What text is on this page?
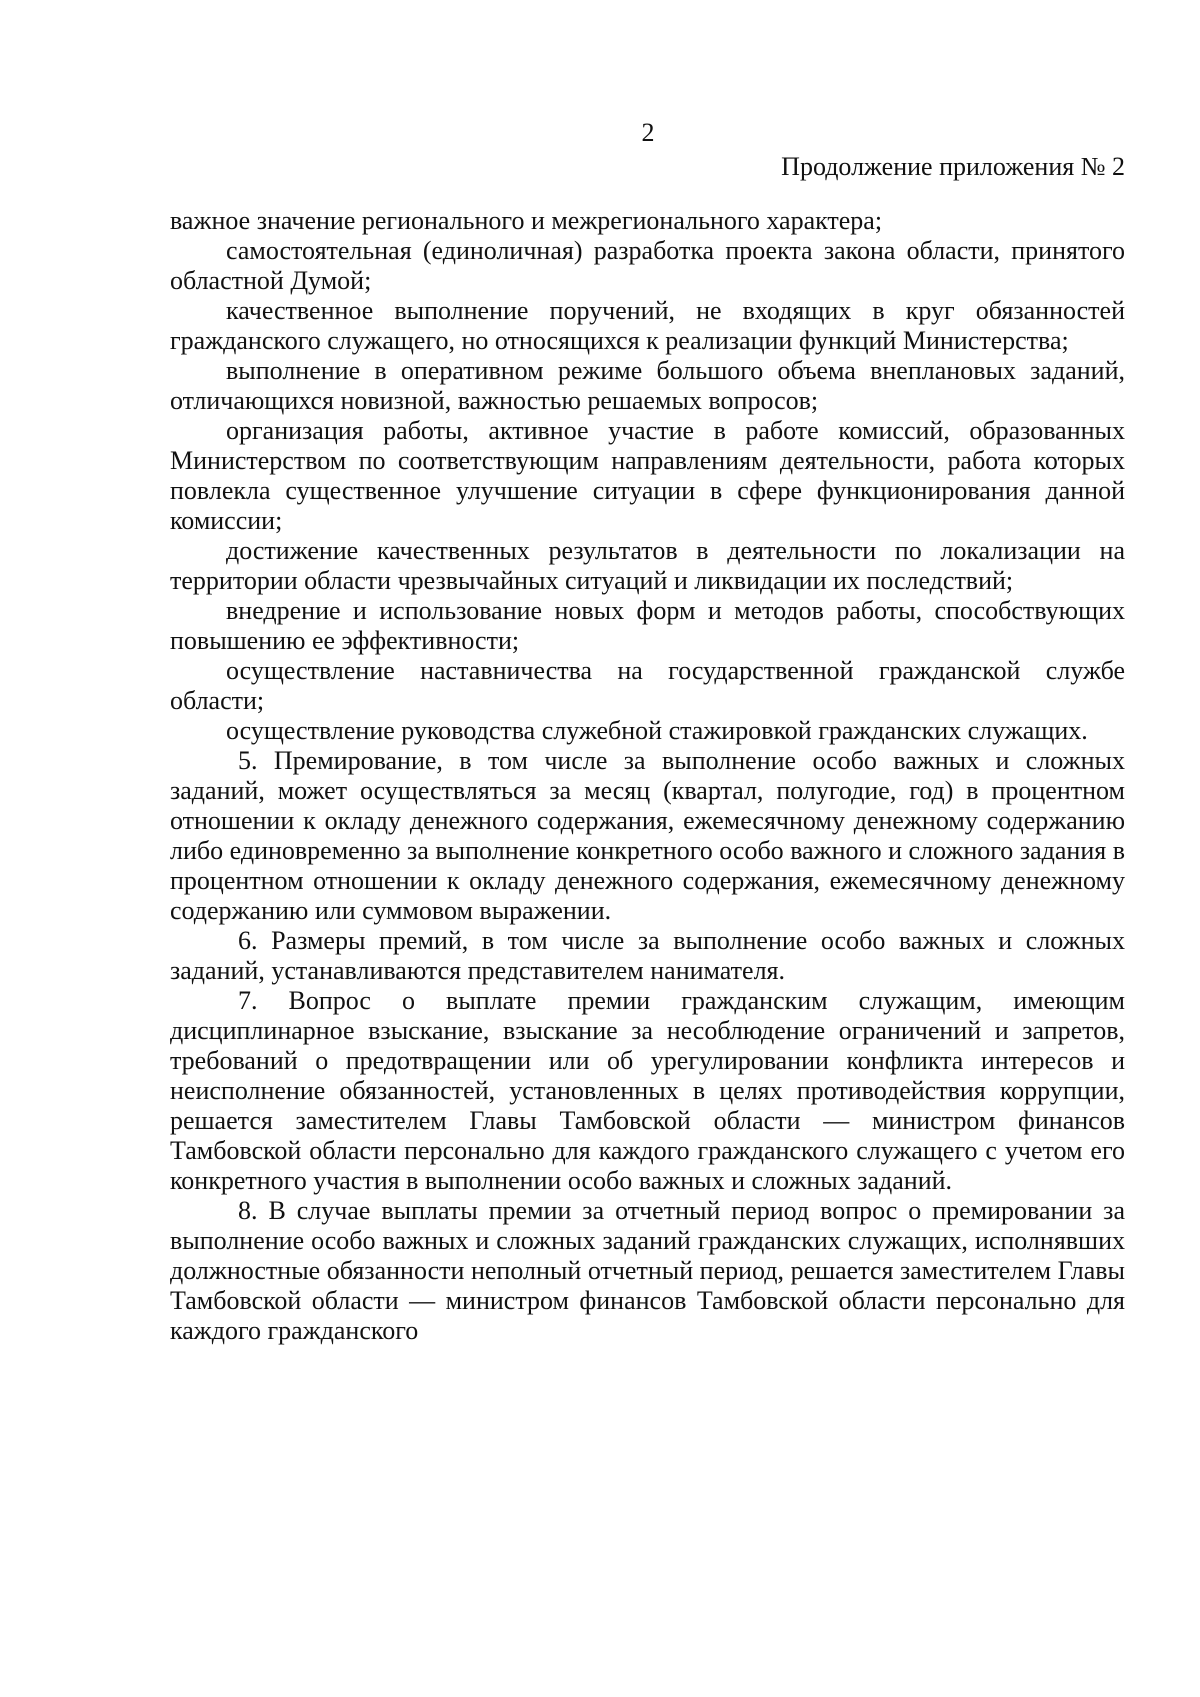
2
Продолжение приложения № 2

важное значение регионального и межрегионального характера;

самостоятельная (единоличная) разработка проекта закона области, принятого областной Думой;

качественное выполнение поручений, не входящих в круг обязанностей гражданского служащего, но относящихся к реализации функций Министерства;

выполнение в оперативном режиме большого объема внеплановых заданий, отличающихся новизной, важностью решаемых вопросов;

организация работы, активное участие в работе комиссий, образованных Министерством по соответствующим направлениям деятельности, работа которых повлекла существенное улучшение ситуации в сфере функционирования данной комиссии;

достижение качественных результатов в деятельности по локализации на территории области чрезвычайных ситуаций и ликвидации их последствий;

внедрение и использование новых форм и методов работы, способствующих повышению ее эффективности;

осуществление наставничества на государственной гражданской службе области;

осуществление руководства служебной стажировкой гражданских служащих.

5. Премирование, в том числе за выполнение особо важных и сложных заданий, может осуществляться за месяц (квартал, полугодие, год) в процентном отношении к окладу денежного содержания, ежемесячному денежному содержанию либо единовременно за выполнение конкретного особо важного и сложного задания в процентном отношении к окладу денежного содержания, ежемесячному денежному содержанию или суммовом выражении.

6. Размеры премий, в том числе за выполнение особо важных и сложных заданий, устанавливаются представителем нанимателя.

7. Вопрос о выплате премии гражданским служащим, имеющим дисциплинарное взыскание, взыскание за несоблюдение ограничений и запретов, требований о предотвращении или об урегулировании конфликта интересов и неисполнение обязанностей, установленных в целях противодействия коррупции, решается заместителем Главы Тамбовской области — министром финансов Тамбовской области персонально для каждого гражданского служащего с учетом его конкретного участия в выполнении особо важных и сложных заданий.

8. В случае выплаты премии за отчетный период вопрос о премировании за выполнение особо важных и сложных заданий гражданских служащих, исполнявших должностные обязанности неполный отчетный период, решается заместителем Главы Тамбовской области — министром финансов Тамбовской области персонально для каждого гражданского
